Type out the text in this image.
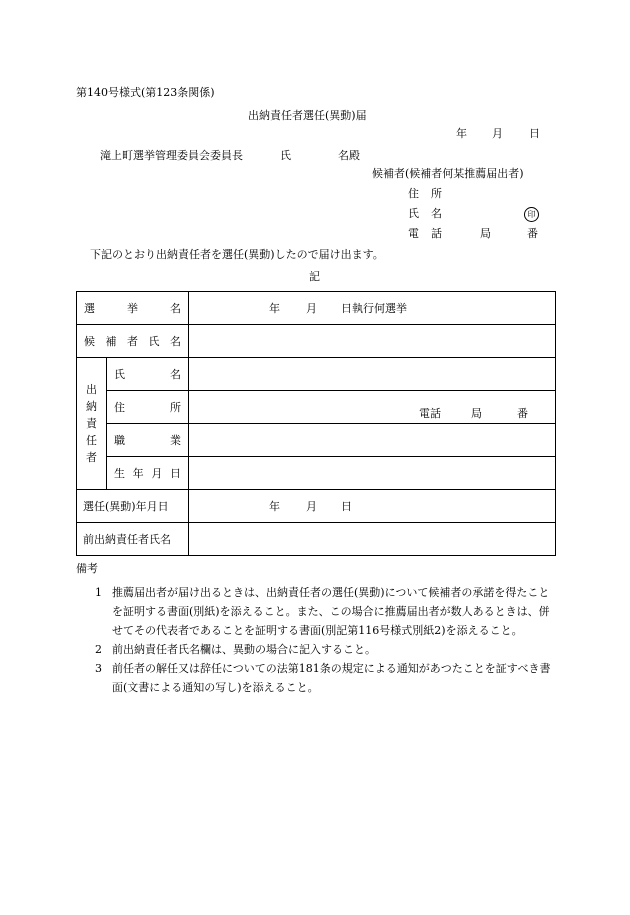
第140号様式(第123条関係)
出納責任者選任(異動)届
年 月 日
滝上町選挙管理委員会委員長	氏	名殿
候補者(候補者何某推薦届出者)
住 所
氏 名	印
電 話	局	番
下記のとおり出納責任者を選任(異動)したので届け出ます。
記
選 挙 名		年 月 日執行何選挙

候 補 者 氏 名		

出
納
責
任
者	氏 名	

	住 所	電話 局 番

	職 業	

	生 年 月 日	

選任(異動)年月日		年 月 日

前出納責任者氏名		

備考
1 推薦届出者が届け出るときは、出納責任者の選任(異動)について候補者の承諾を得たことを証明する書面(別紙)を添えること。また、この場合に推薦届出者が数人あるときは、併せてその代表者であることを証明する書面(別記第116号様式別紙2)を添えること。
2 前出納責任者氏名欄は、異動の場合に記入すること。
3 前任者の解任又は辞任についての法第181条の規定による通知があつたことを証すべき書面(文書による通知の写し)を添えること。
